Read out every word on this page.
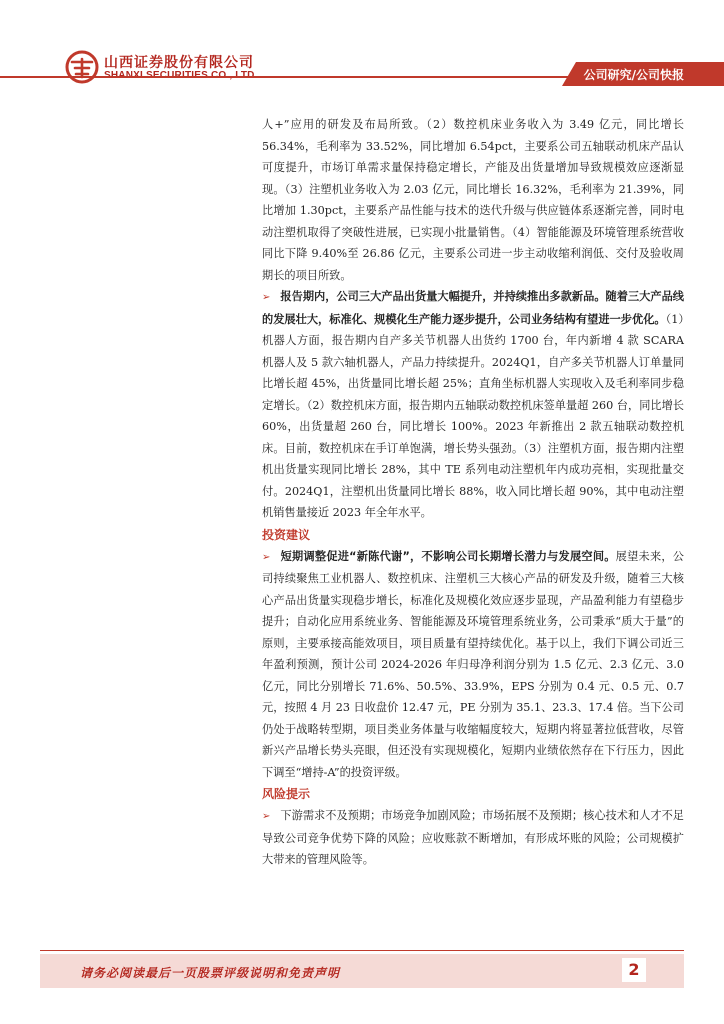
山西证券股份有限公司
公司研究/公司快报

人+”应用的研发及布局所致。（2）数控机床业务收入为 3.49 亿元，同比增长 56.34%，毛利率为 33.52%，同比增加 6.54pct，主要系公司五轴联动机床产品认可度提升，市场订单需求量保持稳定增长，产能及出货量增加导致规模效应逐渐显现。（3）注塑机业务收入为 2.03 亿元，同比增长 16.32%，毛利率为 21.39%，同比增加 1.30pct，主要系产品性能与技术的迭代升级与供应链体系逐渐完善，同时电动注塑机取得了突破性进展，已实现小批量销售。（4）智能能源及环境管理系统营收同比下降 9.40%至 26.86 亿元，主要系公司进一步主动收缩利润低、交付及验收周期长的项目所致。

➢ 报告期内，公司三大产品出货量大幅提升，并持续推出多款新品。随着三大产品线的发展壮大，标准化、规模化生产能力逐步提升，公司业务结构有望进一步优化。（1）机器人方面，报告期内自产多关节机器人出货约 1700 台，年内新增 4 款 SCARA 机器人及 5 款六轴机器人，产品力持续提升。2024Q1，自产多关节机器人订单量同比增长超 45%，出货量同比增长超 25%；直角坐标机器人实现收入及毛利率同步稳定增长。（2）数控机床方面，报告期内五轴联动数控机床签单量超 260 台，同比增长 60%，出货量超 260 台，同比增长 100%。2023 年新推出 2 款五轴联动数控机床。目前，数控机床在手订单饱满，增长势头强劲。（3）注塑机方面，报告期内注塑机出货量实现同比增长 28%，其中 TE 系列电动注塑机年内成功亮相，实现批量交付。2024Q1，注塑机出货量同比增长 88%，收入同比增长超 90%，其中电动注塑机销售量接近 2023 年全年水平。

投资建议

➢ 短期调整促进“新陈代谢”，不影响公司长期增长潜力与发展空间。展望未来，公司持续聚焦工业机器人、数控机床、注塑机三大核心产品的研发及升级，随着三大核心产品出货量实现稳步增长，标准化及规模化效应逐步显现，产品盈利能力有望稳步提升；自动化应用系统业务、智能能源及环境管理系统业务，公司秉承“质大于量”的原则，主要承接高能效项目，项目质量有望持续优化。基于以上，我们下调公司近三年盈利预测，预计公司 2024-2026 年归母净利润分别为 1.5 亿元、2.3 亿元、3.0 亿元，同比分别增长 71.6%、50.5%、33.9%，EPS 分别为 0.4 元、0.5 元、0.7 元，按照 4 月 23 日收盘价 12.47 元，PE 分别为 35.1、23.3、17.4 倍。当下公司仍处于战略转型期，项目类业务体量与收缩幅度较大，短期内将显著拉低营收，尽管新兴产品增长势头亮眼，但还没有实现规模化，短期内业绩依然存在下行压力，因此下调至“增持-A”的投资评级。

风险提示

➢ 下游需求不及预期；市场竞争加剧风险；市场拓展不及预期；核心技术和人才不足导致公司竞争优势下降的风险；应收账款不断增加，有形成坏账的风险；公司规模扩大带来的管理风险等。

请务必阅读最后一页股票评级说明和免责声明	2
